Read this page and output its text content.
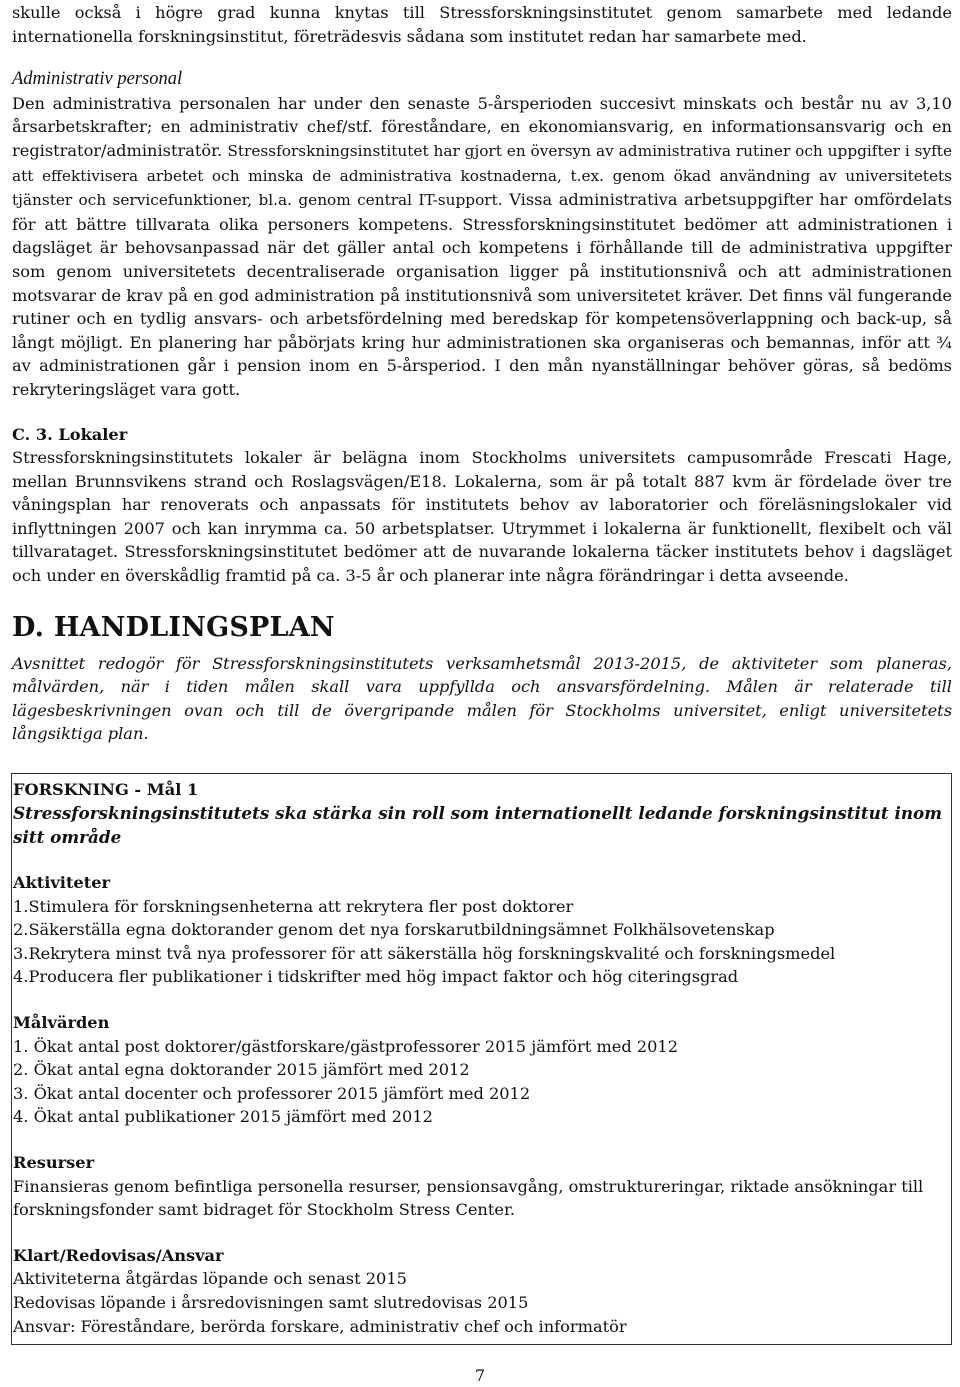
skulle också i högre grad kunna knytas till Stressforskningsinstitutet genom samarbete med ledande internationella forskningsinstitut, företrädesvis sådana som institutet redan har samarbete med.

Administrativ personal

Den administrativa personalen har under den senaste 5-årsperioden succesivt minskats och består nu av 3,10 årsarbetskrafter; en administrativ chef/stf. föreståndare, en ekonomiansvarig, en informationsansvarig och en registrator/administratör. Stressforskningsinstitutet har gjort en översyn av administrativa rutiner och uppgifter i syfte att effektivisera arbetet och minska de administrativa kostnaderna, t.ex. genom ökad användning av universitetets tjänster och servicefunktioner, bl.a. genom central IT-support. Vissa administrativa arbetsuppgifter har omfördelats för att bättre tillvarata olika personers kompetens. Stressforskningsinstitutet bedömer att administrationen i dagsläget är behovsanpassad när det gäller antal och kompetens i förhållande till de administrativa uppgifter som genom universitetets decentraliserade organisation ligger på institutionsnivå och att administrationen motsvarar de krav på en god administration på institutionsnivå som universitetet kräver. Det finns väl fungerande rutiner och en tydlig ansvars- och arbetsfördelning med beredskap för kompetensöverlappning och back-up, så långt möjligt. En planering har påbörjats kring hur administrationen ska organiseras och bemannas, inför att ¾ av administrationen går i pension inom en 5-årsperiod. I den mån nyanställningar behöver göras, så bedöms rekryteringsläget vara gott.

C. 3. Lokaler

Stressforskningsinstitutets lokaler är belägna inom Stockholms universitets campusområde Frescati Hage, mellan Brunnsvikens strand och Roslagsvägen/E18. Lokalerna, som är på totalt 887 kvm är fördelade över tre våningsplan har renoverats och anpassats för institutets behov av laboratorier och föreläsningslokaler vid inflyttningen 2007 och kan inrymma ca. 50 arbetsplatser. Utrymmet i lokalerna är funktionellt, flexibelt och väl tillvarataget. Stressforskningsinstitutet bedömer att de nuvarande lokalerna täcker institutets behov i dagsläget och under en överskådlig framtid på ca. 3-5 år och planerar inte några förändringar i detta avseende.

D. HANDLINGSPLAN

Avsnittet redogör för Stressforskningsinstitutets verksamhetsmål 2013-2015, de aktiviteter som planeras, målvärden, när i tiden målen skall vara uppfyllda och ansvarsfördelning. Målen är relaterade till lägesbeskrivningen ovan och till de övergripande målen för Stockholms universitet, enligt universitetets långsiktiga plan.

FORSKNING - Mål 1
Stressforskningsinstitutets ska stärka sin roll som internationellt ledande forskningsinstitut inom sitt område
Aktiviteter
1.Stimulera för forskningsenheterna att rekrytera fler post doktorer
2.Säkerställa egna doktorander genom det nya forskarutbildningsämnet Folkhälsovetenskap
3.Rekrytera minst två nya professorer för att säkerställa hög forskningskvalité och forskningsmedel
4.Producera fler publikationer i tidskrifter med hög impact faktor och hög citeringsgrad
Målvärden
1. Ökat antal post doktorer/gästforskare/gästprofessorer 2015 jämfört med 2012
2. Ökat antal egna doktorander 2015 jämfört med 2012
3. Ökat antal docenter och professorer 2015 jämfört med 2012
4. Ökat antal publikationer 2015 jämfört med 2012
Resurser

Finansieras genom befintliga personella resurser, pensionsavgång, omstruktureringar, riktade ansökningar till forskningsfonder samt bidraget för Stockholm Stress Center.

Klart/Redovisas/Ansvar
Aktiviteterna åtgärdas löpande och senast 2015
Redovisas löpande i årsredovisningen samt slutredovisas 2015
Ansvar: Föreståndare, berörda forskare, administrativ chef och informatör
7
